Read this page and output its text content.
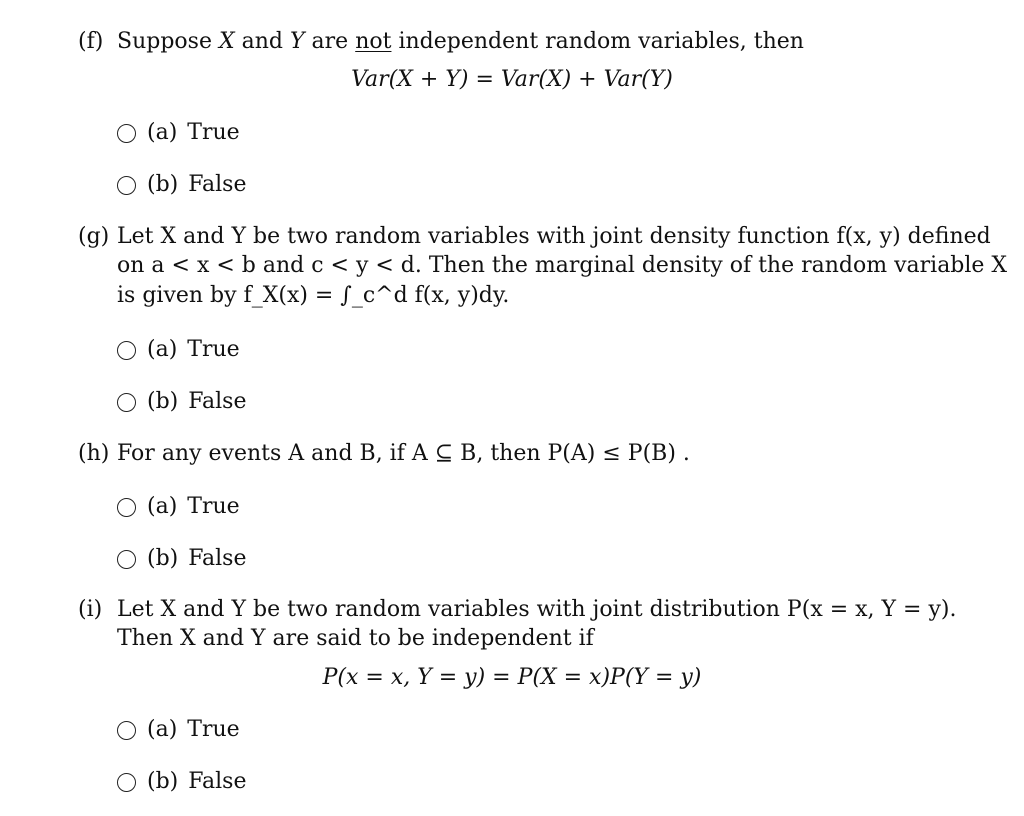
(f) Suppose X and Y are not independent random variables, then
Var(X + Y) = Var(X) + Var(Y)
(a) True
(b) False
(g) Let X and Y be two random variables with joint density function f(x, y) defined
on a < x < b and c < y < d. Then the marginal density of the random variable X
is given by f_X(x) = ∫_c^d f(x, y)dy.
(a) True
(b) False
(h) For any events A and B, if A ⊆ B, then P(A) ≤ P(B) .
(a) True
(b) False
(i) Let X and Y be two random variables with joint distribution P(x = x, Y = y).
Then X and Y are said to be independent if
P(x = x, Y = y) = P(X = x)P(Y = y)
(a) True
(b) False
